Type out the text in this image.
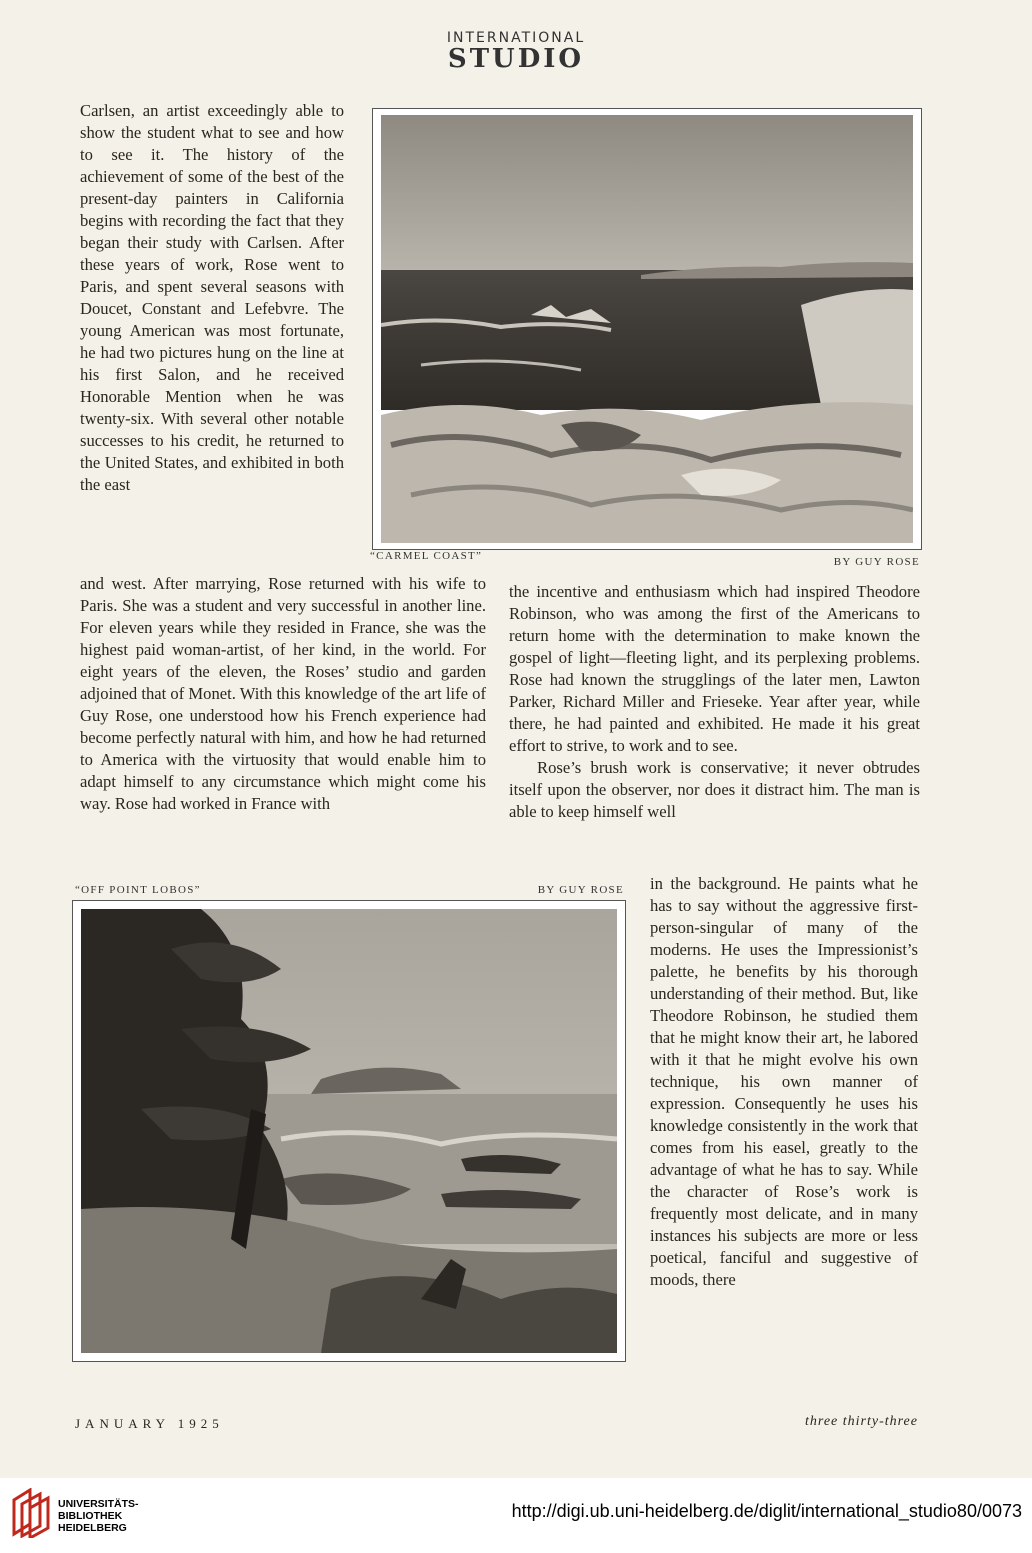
INTERNATIONAL
STUDIO

Carlsen, an artist exceedingly able to show the student what to see and how to see it. The history of the achievement of some of the best of the present-day painters in California begins with recording the fact that they began their study with Carlsen. After these years of work, Rose went to Paris, and spent several seasons with Doucet, Constant and Lefebvre. The young American was most fortunate, he had two pictures hung on the line at his first Salon, and he received Honorable Mention when he was twenty-six. With several other notable successes to his credit, he returned to the United States, and exhibited in both the east

“CARMEL COAST”	BY GUY ROSE

and west. After marrying, Rose returned with his wife to Paris. She was a student and very successful in another line. For eleven years while they resided in France, she was the highest paid woman-artist, of her kind, in the world. For eight years of the eleven, the Roses’ studio and garden adjoined that of Monet. With this knowledge of the art life of Guy Rose, one understood how his French experience had become perfectly natural with him, and how he had returned to America with the virtuosity that would enable him to adapt himself to any circumstance which might come his way. Rose had worked in France with

the incentive and enthusiasm which had inspired Theodore Robinson, who was among the first of the Americans to return home with the determination to make known the gospel of light—fleeting light, and its perplexing problems. Rose had known the strugglings of the later men, Lawton Parker, Richard Miller and Frieseke. Year after year, while there, he had painted and exhibited. He made it his great effort to strive, to work and to see.

Rose’s brush work is conservative; it never obtrudes itself upon the observer, nor does it distract him. The man is able to keep himself well

“OFF POINT LOBOS”	BY GUY ROSE in the background. He paints what he has to say without the aggressive first-person-singular of many of the moderns. He uses the Impressionist’s palette, he benefits by his thorough understanding of their method. But, like Theodore Robinson, he studied them that he might know their art, he labored with it that he might evolve his own technique, his own manner of expression. Consequently he uses his knowledge consistently in the work that comes from his easel, greatly to the advantage of what he has to say. While the character of Rose’s work is frequently most delicate, and in many instances his subjects are more or less poetical, fanciful and suggestive of moods, there

JANUARY 1925	three thirty-three
UNIVERSITÄTS-
BIBLIOTHEK
HEIDELBERG
http://digi.ub.uni-heidelberg.de/diglit/international_studio80/0073
